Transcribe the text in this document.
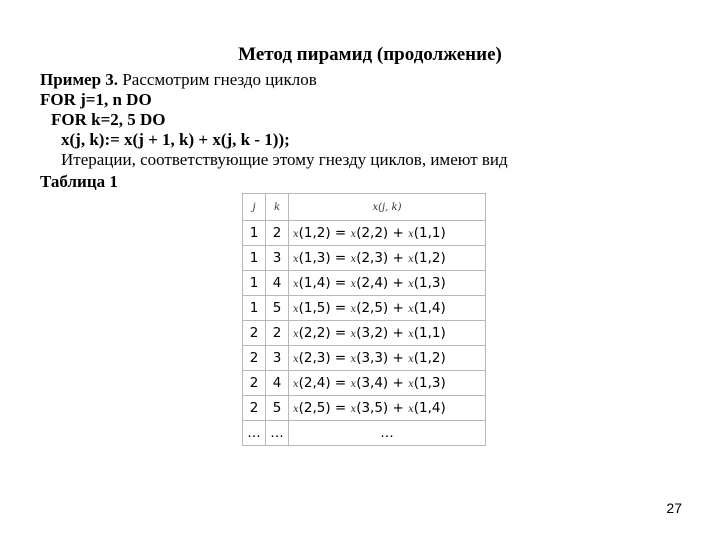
Метод пирамид (продолжение)
Пример 3. Рассмотрим гнездо циклов
FOR j=1, n DO
FOR k=2, 5 DO
x(j, k):= x(j + 1, k) + x(j, k - 1));
Итерации, соответствующие этому гнезду циклов, имеют вид
Таблица 1
j	k	x(j, k)
1	2	x(1,2) = x(2,2) + x(1,1)
1	3	x(1,3) = x(2,3) + x(1,2)
1	4	x(1,4) = x(2,4) + x(1,3)
1	5	x(1,5) = x(2,5) + x(1,4)
2	2	x(2,2) = x(3,2) + x(1,1)
2	3	x(2,3) = x(3,3) + x(1,2)
2	4	x(2,4) = x(3,4) + x(1,3)
2	5	x(2,5) = x(3,5) + x(1,4)
…	…	…
27
